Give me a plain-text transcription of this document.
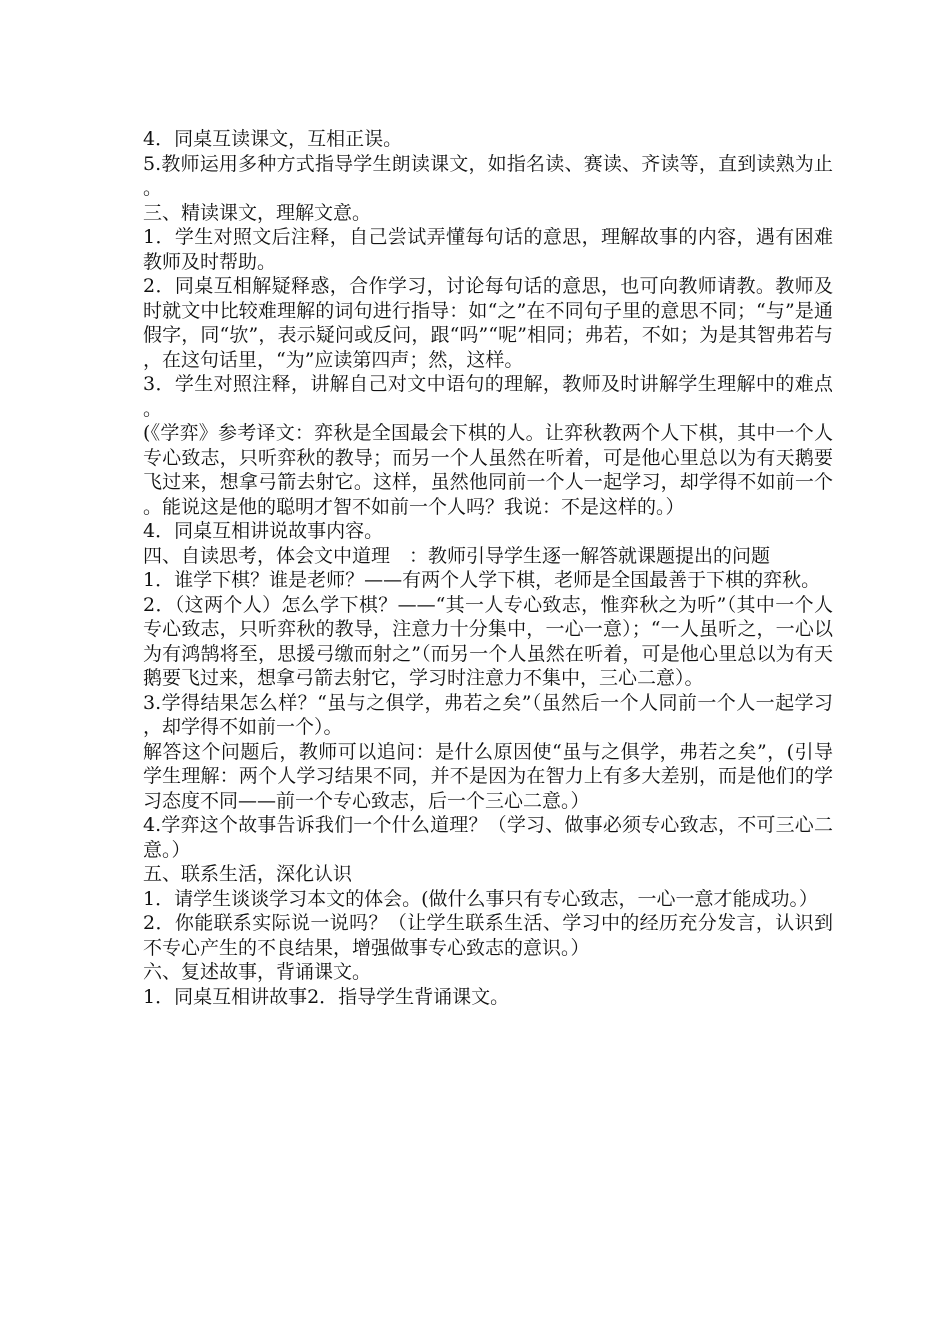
4．同桌互读课文，互相正误。

5.教师运用多种方式指导学生朗读课文，如指名读、赛读、齐读等，直到读熟为止。

三、精读课文，理解文意。

1．学生对照文后注释，自己尝试弄懂每句话的意思，理解故事的内容，遇有困难教师及时帮助。

2．同桌互相解疑释惑，合作学习，讨论每句话的意思，也可向教师请教。教师及时就文中比较难理解的词句进行指导：如“之”在不同句子里的意思不同；“与”是通假字，同“欤”，表示疑问或反问，跟“吗”“呢”相同；弗若，不如；为是其智弗若与，在这句话里，“为”应读第四声；然，这样。

3．学生对照注释，讲解自己对文中语句的理解，教师及时讲解学生理解中的难点。

(《学弈》参考译文：弈秋是全国最会下棋的人。让弈秋教两个人下棋，其中一个人专心致志，只听弈秋的教导；而另一个人虽然在听着，可是他心里总以为有天鹅要飞过来，想拿弓箭去射它。这样，虽然他同前一个人一起学习，却学得不如前一个。能说这是他的聪明才智不如前一个人吗？我说：不是这样的。）

4．同桌互相讲说故事内容。

四、自读思考，体会文中道理　：教师引导学生逐一解答就课题提出的问题

1．谁学下棋？谁是老师？——有两个人学下棋，老师是全国最善于下棋的弈秋。

2．（这两个人）怎么学下棋？——“其一人专心致志，惟弈秋之为听”（其中一个人专心致志，只听弈秋的教导，注意力十分集中，一心一意）；“一人虽听之，一心以为有鸿鹄将至，思援弓缴而射之”（而另一个人虽然在听着，可是他心里总以为有天鹅要飞过来，想拿弓箭去射它，学习时注意力不集中，三心二意）。

3.学得结果怎么样？“虽与之俱学，弗若之矣”（虽然后一个人同前一个人一起学习，却学得不如前一个）。

解答这个问题后，教师可以追问：是什么原因使“虽与之俱学，弗若之矣”，(引导学生理解：两个人学习结果不同，并不是因为在智力上有多大差别，而是他们的学习态度不同——前一个专心致志，后一个三心二意。）

4.学弈这个故事告诉我们一个什么道理？（学习、做事必须专心致志，不可三心二意。）

五、联系生活，深化认识

1．请学生谈谈学习本文的体会。(做什么事只有专心致志，一心一意才能成功。）

2．你能联系实际说一说吗？（让学生联系生活、学习中的经历充分发言，认识到不专心产生的不良结果，增强做事专心致志的意识。）

六、复述故事，背诵课文。

1．同桌互相讲故事2．指导学生背诵课文。
